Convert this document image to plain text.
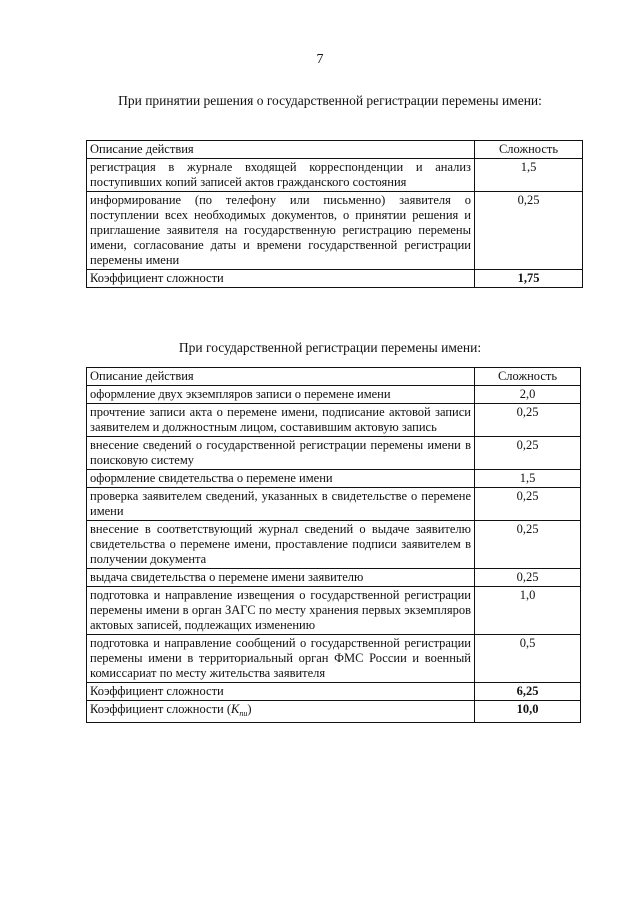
7
При принятии решения о государственной регистрации перемены имени:
Описание действия	Сложность
регистрация в журнале входящей корреспонденции и анализ поступивших копий записей актов гражданского состояния	1,5
информирование (по телефону или письменно) заявителя о поступлении всех необходимых документов, о принятии решения и приглашение заявителя на государственную регистрацию перемены имени, согласование даты и времени государственной регистрации перемены имени	0,25
Коэффициент сложности	1,75
При государственной регистрации перемены имени:
Описание действия	Сложность
оформление двух экземпляров записи о перемене имени	2,0
прочтение записи акта о перемене имени, подписание актовой записи заявителем и должностным лицом, составившим актовую запись	0,25
внесение сведений о государственной регистрации перемены имени в поисковую систему	0,25
оформление свидетельства о перемене имени	1,5
проверка заявителем сведений, указанных в свидетельстве о перемене имени	0,25
внесение в соответствующий журнал сведений о выдаче заявителю свидетельства о перемене имени, проставление подписи заявителем в получении документа	0,25
выдача свидетельства о перемене имени заявителю	0,25
подготовка и направление извещения о государственной регистрации перемены имени в орган ЗАГС по месту хранения первых экземпляров актовых записей, подлежащих изменению	1,0
подготовка и направление сообщений о государственной регистрации перемены имени в территориальный орган ФМС России и военный комиссариат по месту жительства заявителя	0,5
Коэффициент сложности	6,25
Коэффициент сложности $(K_{пи})$	10,0
